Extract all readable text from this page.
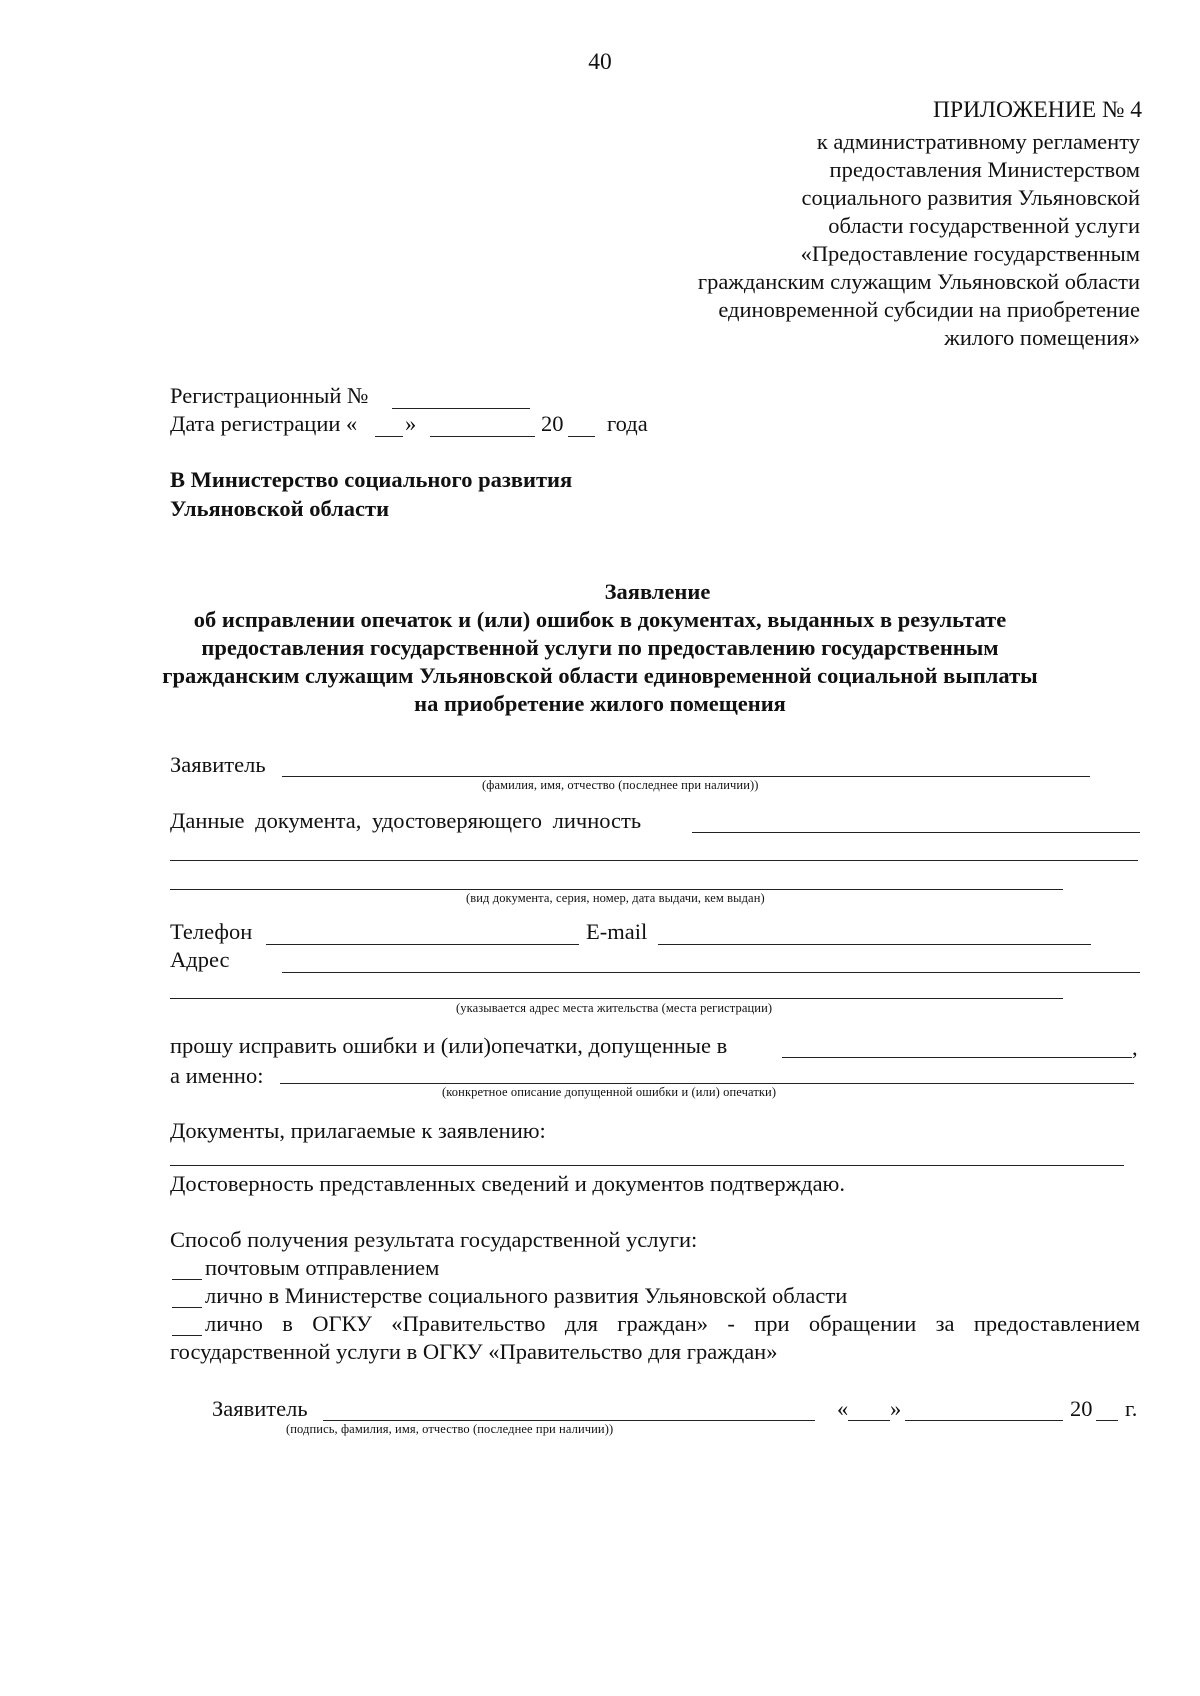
40
ПРИЛОЖЕНИЕ № 4
к административному регламенту
предоставления Министерством
социального развития Ульяновской
области государственной услуги
«Предоставление государственным
гражданским служащим Ульяновской области
единовременной субсидии на приобретение
жилого помещения»
Регистрационный №
Дата регистрации « »	20 года
В Министерство социального развития
Ульяновской области
Заявление
об исправлении опечаток и (или) ошибок в документах, выданных в результате
предоставления государственной услуги по предоставлению государственным
гражданским служащим Ульяновской области единовременной социальной выплаты
на приобретение жилого помещения
Заявитель
(фамилия, имя, отчество (последнее при наличии))
Данные документа, удостоверяющего личность
(вид документа, серия, номер, дата выдачи, кем выдан)
Телефон	E-mail
Адрес
(указывается адрес места жительства (места регистрации)
прошу исправить ошибки и (или)опечатки, допущенные в	,
а именно:
(конкретное описание допущенной ошибки и (или) опечатки)
Документы, прилагаемые к заявлению:
Достоверность представленных сведений и документов подтверждаю.
Способ получения результата государственной услуги:
почтовым отправлением
лично в Министерстве социального развития Ульяновской области
лично в ОГКУ «Правительство для граждан» - при обращении за предоставлением
государственной услуги в ОГКУ «Правительство для граждан»
Заявитель
(подпись, фамилия, имя, отчество (последнее при наличии))
« »	20 г.
